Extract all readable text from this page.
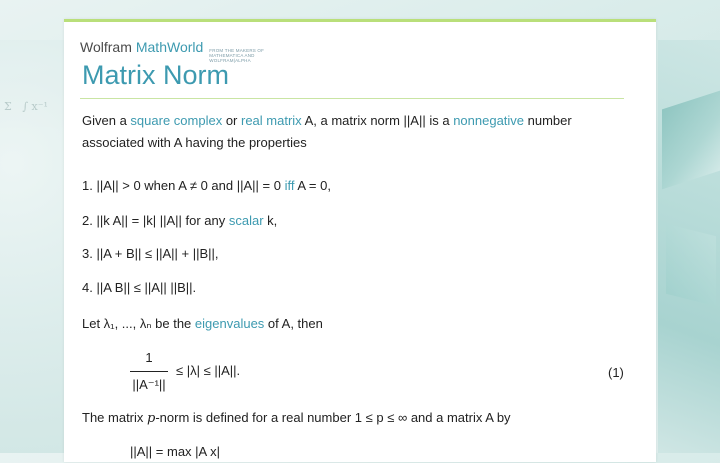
Σ   ∫ x⁻¹
Wolfram MathWorld FROM THE MAKERS OF MATHEMATICA AND WOLFRAM|ALPHA
Matrix Norm

Given a square complex or real matrix A, a matrix norm ||A|| is a nonnegative number associated with A having the properties

1. ||A|| > 0 when A ≠ 0 and ||A|| = 0 iff A = 0,

2. ||k A|| = |k| ||A|| for any scalar k,

3. ||A + B|| ≤ ||A|| + ||B||,

4. ||A B|| ≤ ||A|| ||B||.

Let λ₁, ..., λₙ be the eigenvalues of A, then

$\frac{1}{\text{||A⁻¹||}} \le |\lambda| \le ||A||$.	(1)

The matrix p-norm is defined for a real number 1 ≤ p ≤ ∞ and a matrix A by

||A|| = max |A x|
